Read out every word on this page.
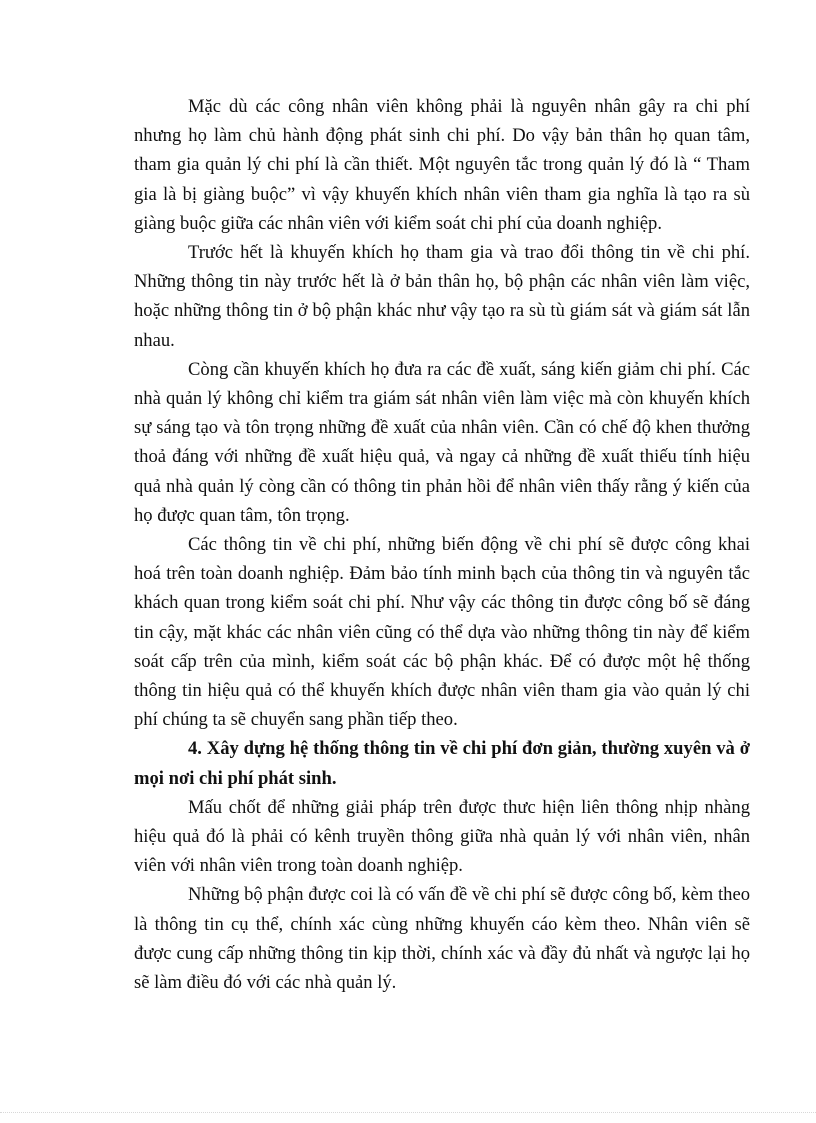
Mặc dù các công nhân viên không phải là nguyên nhân gây ra chi phí nhưng họ làm chủ hành động phát sinh chi phí. Do vậy bản thân họ quan tâm, tham gia quản lý chi phí là cần thiết. Một nguyên tắc trong quản lý đó là “ Tham gia là bị giàng buộc” vì vậy khuyến khích nhân viên tham gia nghĩa là tạo ra sù giàng buộc giữa các nhân viên với kiểm soát chi phí của doanh nghiệp.

Trước hết là khuyến khích họ tham gia và trao đổi thông tin về chi phí. Những thông tin này trước hết là ở bản thân họ, bộ phận các nhân viên làm việc, hoặc những thông tin ở bộ phận khác như vậy tạo ra sù tù giám sát và giám sát lẫn nhau.

Còng cần khuyến khích họ đưa ra các đề xuất, sáng kiến giảm chi phí. Các nhà quản lý không chỉ kiểm tra giám sát nhân viên làm việc mà còn khuyến khích sự sáng tạo và tôn trọng những đề xuất của nhân viên. Cần có chế độ khen thưởng thoả đáng với những đề xuất hiệu quả, và ngay cả những đề xuất thiếu tính hiệu quả nhà quản lý còng cần có thông tin phản hồi để nhân viên thấy rằng ý kiến của họ được quan tâm, tôn trọng.

Các thông tin về chi phí, những biến động về chi phí sẽ được công khai hoá trên toàn doanh nghiệp. Đảm bảo tính minh bạch của thông tin và nguyên tắc khách quan trong kiểm soát chi phí. Như vậy các thông tin được công bố sẽ đáng tin cậy, mặt khác các nhân viên cũng có thể dựa vào những thông tin này để kiểm soát cấp trên của mình, kiểm soát các bộ phận khác. Để có được một hệ thống thông tin hiệu quả có thể khuyến khích được nhân viên tham gia vào quản lý chi phí chúng ta sẽ chuyển sang phần tiếp theo.

4. Xây dựng hệ thống thông tin về chi phí đơn giản, thường xuyên và ở mọi nơi chi phí phát sinh.

Mấu chốt để những giải pháp trên được thưc hiện liên thông nhịp nhàng hiệu quả đó là phải có kênh truyền thông giữa nhà quản lý với nhân viên, nhân viên với nhân viên trong toàn doanh nghiệp.

Những bộ phận được coi là có vấn đề về chi phí sẽ được công bố, kèm theo là thông tin cụ thể, chính xác cùng những khuyến cáo kèm theo. Nhân viên sẽ được cung cấp những thông tin kịp thời, chính xác và đầy đủ nhất và ngược lại họ sẽ làm điều đó với các nhà quản lý.
